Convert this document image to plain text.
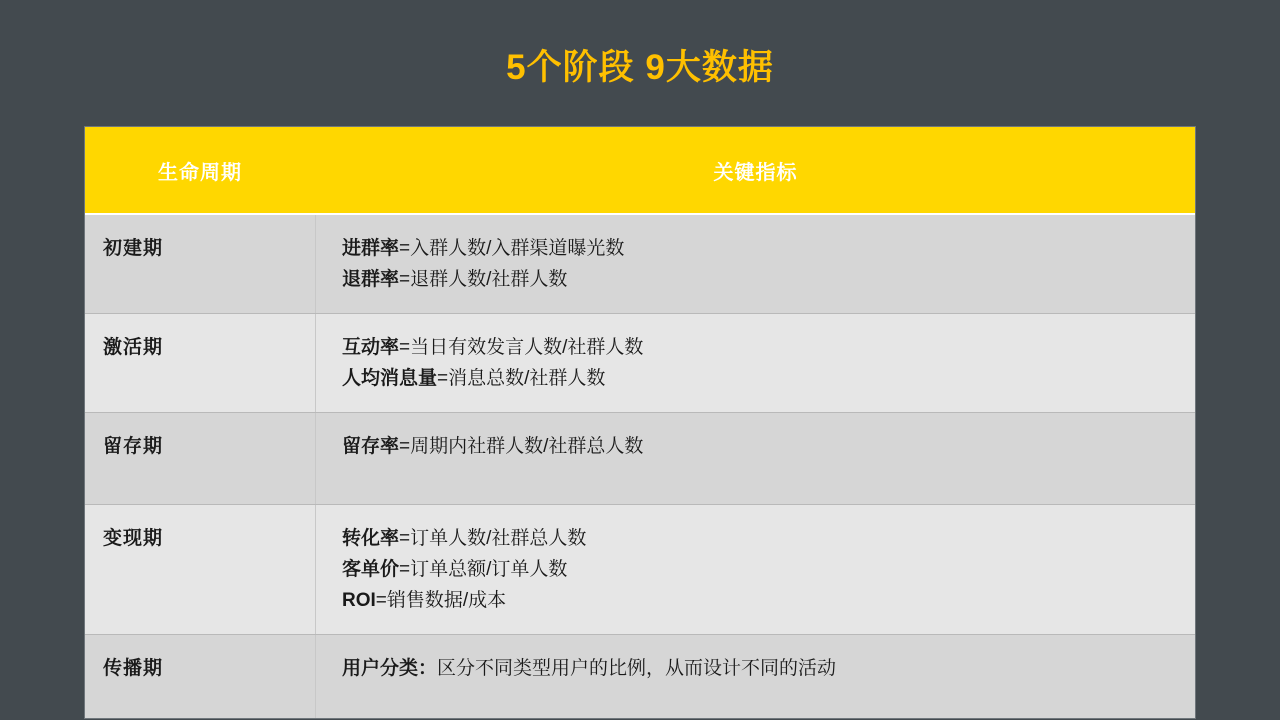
5个阶段 9大数据
生命周期	关键指标
初建期	进群率=入群人数/入群渠道曝光数
退群率=退群人数/社群人数

激活期	互动率=当日有效发言人数/社群人数
人均消息量=消息总数/社群人数

留存期	留存率=周期内社群人数/社群总人数

变现期	转化率=订单人数/社群总人数
客单价=订单总额/订单人数
ROI=销售数据/成本

传播期	用户分类：区分不同类型用户的比例，从而设计不同的活动
